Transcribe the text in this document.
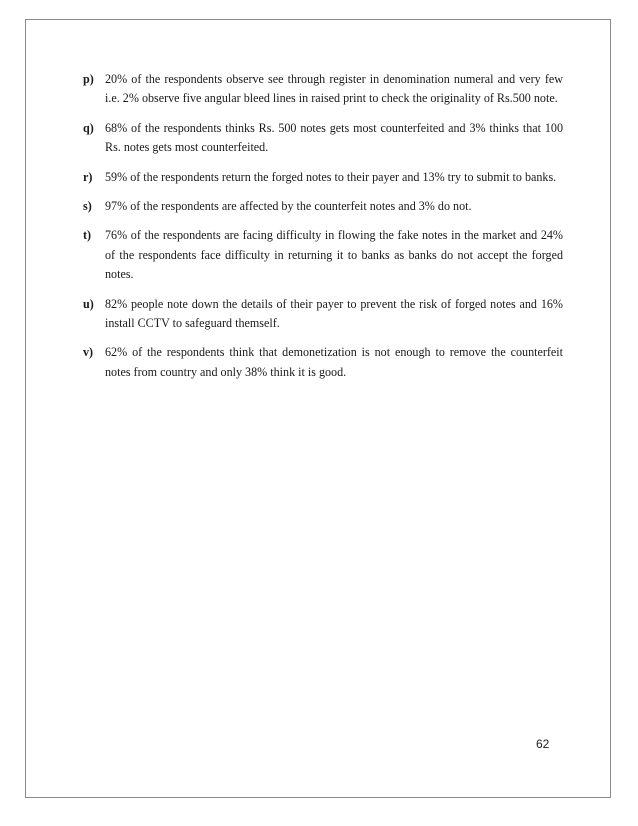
p) 20% of the respondents observe see through register in denomination numeral and very few i.e. 2% observe five angular bleed lines in raised print to check the originality of Rs.500 note.
q) 68% of the respondents thinks Rs. 500 notes gets most counterfeited and 3% thinks that 100 Rs. notes gets most counterfeited.
r)	59% of the respondents return the forged notes to their payer and 13% try to submit to banks.
s)	97% of the respondents are affected by the counterfeit notes and 3% do not.
t)	76% of the respondents are facing difficulty in flowing the fake notes in the market and 24% of the respondents face difficulty in returning it to banks as banks do not accept the forged notes.
u) 82% people note down the details of their payer to prevent the risk of forged notes and 16% install CCTV to safeguard themself.
v) 62% of the respondents think that demonetization is not enough to remove the counterfeit notes from country and only 38% think it is good.
62
